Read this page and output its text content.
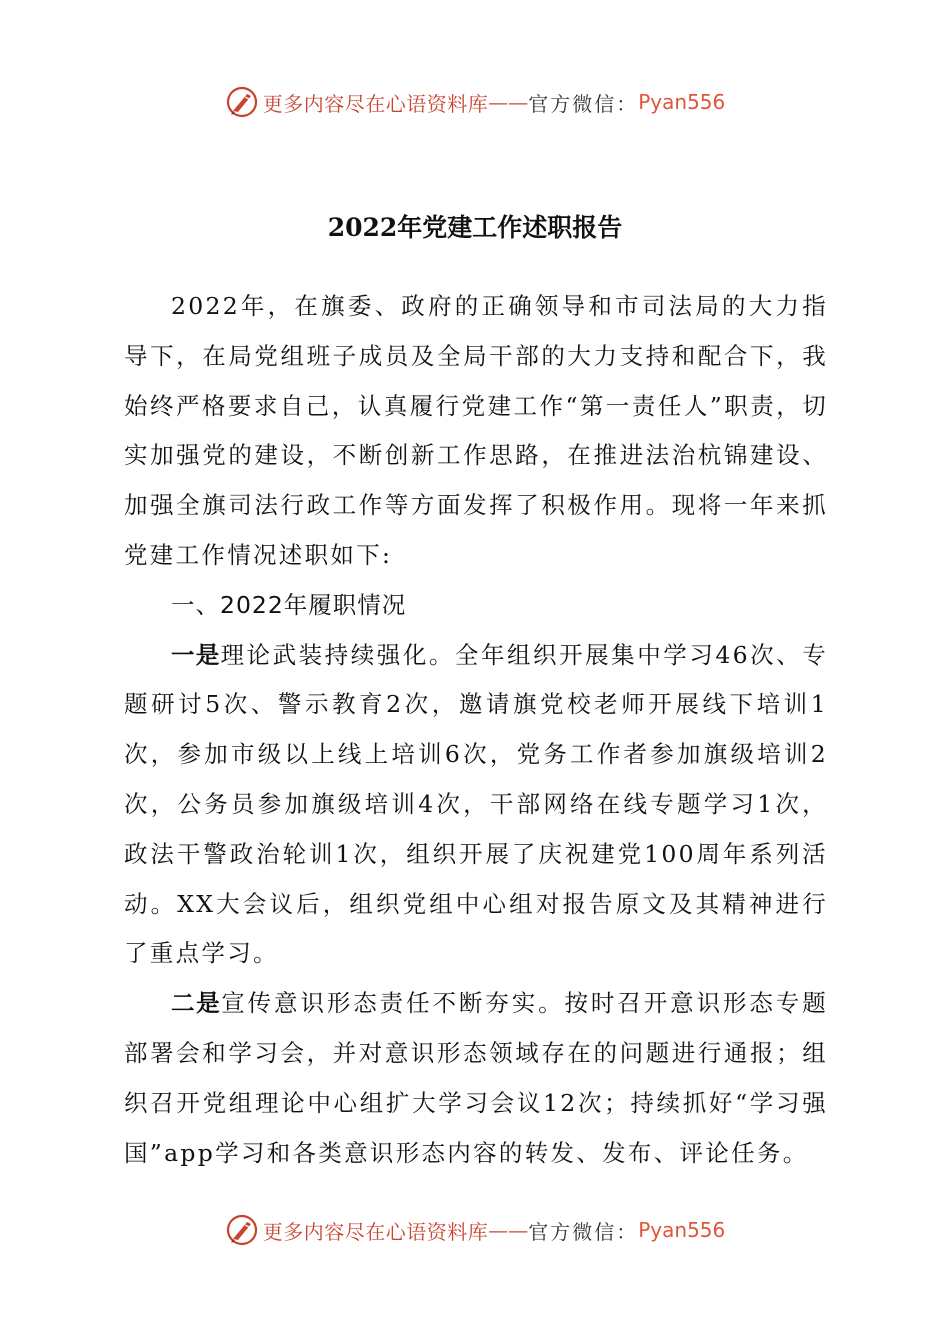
更多内容尽在心语资料库 — — 官方微信： Pyan556
2022年党建工作述职报告

2022年，在旗委、政府的正确领导和市司法局的大力指导下，在局党组班子成员及全局干部的大力支持和配合下，我始终严格要求自己，认真履行党建工作“第一责任人”职责，切实加强党的建设，不断创新工作思路，在推进法治杭锦建设、加强全旗司法行政工作等方面发挥了积极作用。现将一年来抓党建工作情况述职如下:

一、2022年履职情况

一是理论武装持续强化。全年组织开展集中学习46次、专题研讨5次、警示教育2次，邀请旗党校老师开展线下培训1次，参加市级以上线上培训6次，党务工作者参加旗级培训2次，公务员参加旗级培训4次，干部网络在线专题学习1次，政法干警政治轮训1次，组织开展了庆祝建党100周年系列活动。XX大会议后，组织党组中心组对报告原文及其精神进行了重点学习。

二是宣传意识形态责任不断夯实。按时召开意识形态专题部署会和学习会，并对意识形态领域存在的问题进行通报；组织召开党组理论中心组扩大学习会议12次；持续抓好“学习强国”app学习和各类意识形态内容的转发、发布、评论任务。

更多内容尽在心语资料库 — — 官方微信： Pyan556
